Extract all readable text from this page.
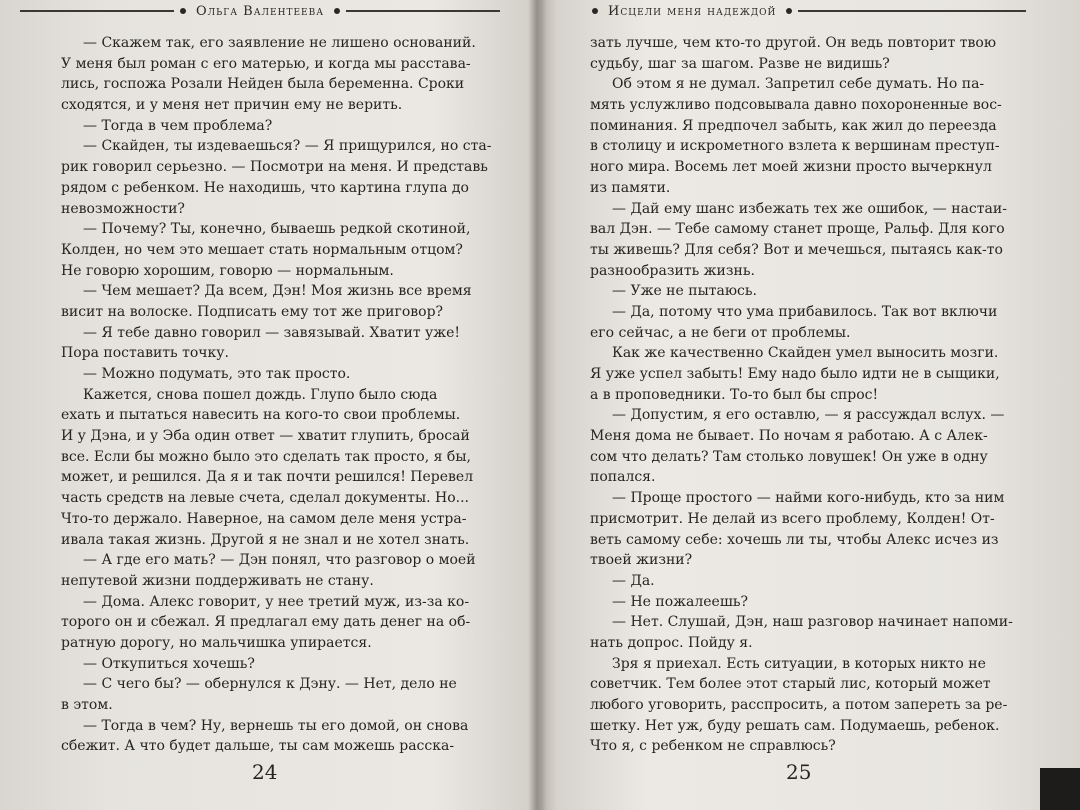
Ольга Валентеева
— Скажем так, его заявление не лишено оснований.
У меня был роман с его матерью, и когда мы расстава-
лись, госпожа Розали Нейден была беременна. Сроки
сходятся, и у меня нет причин ему не верить.
— Тогда в чем проблема?
— Скайден, ты издеваешься? — Я прищурился, но ста-
рик говорил серьезно. — Посмотри на меня. И представь
рядом с ребенком. Не находишь, что картина глупа до
невозможности?
— Почему? Ты, конечно, бываешь редкой скотиной,
Колден, но чем это мешает стать нормальным отцом?
Не говорю хорошим, говорю — нормальным.
— Чем мешает? Да всем, Дэн! Моя жизнь все время
висит на волоске. Подписать ему тот же приговор?
— Я тебе давно говорил — завязывай. Хватит уже!
Пора поставить точку.
— Можно подумать, это так просто.
Кажется, снова пошел дождь. Глупо было сюда
ехать и пытаться навесить на кого-то свои проблемы.
И у Дэна, и у Эба один ответ — хватит глупить, бросай
все. Если бы можно было это сделать так просто, я бы,
может, и решился. Да я и так почти решился! Перевел
часть средств на левые счета, сделал документы. Но...
Что-то держало. Наверное, на самом деле меня устра-
ивала такая жизнь. Другой я не знал и не хотел знать.
— А где его мать? — Дэн понял, что разговор о моей
непутевой жизни поддерживать не стану.
— Дома. Алекс говорит, у нее третий муж, из-за ко-
торого он и сбежал. Я предлагал ему дать денег на об-
ратную дорогу, но мальчишка упирается.
— Откупиться хочешь?
— С чего бы? — обернулся к Дэну. — Нет, дело не
в этом.
— Тогда в чем? Ну, вернешь ты его домой, он снова
сбежит. А что будет дальше, ты сам можешь расска-
24
Исцели меня надеждой
зать лучше, чем кто-то другой. Он ведь повторит твою
судьбу, шаг за шагом. Разве не видишь?
Об этом я не думал. Запретил себе думать. Но па-
мять услужливо подсовывала давно похороненные вос-
поминания. Я предпочел забыть, как жил до переезда
в столицу и искрометного взлета к вершинам преступ-
ного мира. Восемь лет моей жизни просто вычеркнул
из памяти.
— Дай ему шанс избежать тех же ошибок, — настаи-
вал Дэн. — Тебе самому станет проще, Ральф. Для кого
ты живешь? Для себя? Вот и мечешься, пытаясь как-то
разнообразить жизнь.
— Уже не пытаюсь.
— Да, потому что ума прибавилось. Так вот включи
его сейчас, а не беги от проблемы.
Как же качественно Скайден умел выносить мозги.
Я уже успел забыть! Ему надо было идти не в сыщики,
а в проповедники. То-то был бы спрос!
— Допустим, я его оставлю, — я рассуждал вслух. —
Меня дома не бывает. По ночам я работаю. А с Алек-
сом что делать? Там столько ловушек! Он уже в одну
попался.
— Проще простого — найми кого-нибудь, кто за ним
присмотрит. Не делай из всего проблему, Колден! От-
веть самому себе: хочешь ли ты, чтобы Алекс исчез из
твоей жизни?
— Да.
— Не пожалеешь?
— Нет. Слушай, Дэн, наш разговор начинает напоми-
нать допрос. Пойду я.
Зря я приехал. Есть ситуации, в которых никто не
советчик. Тем более этот старый лис, который может
любого уговорить, расспросить, а потом запереть за ре-
шетку. Нет уж, буду решать сам. Подумаешь, ребенок.
Что я, с ребенком не справлюсь?
25
